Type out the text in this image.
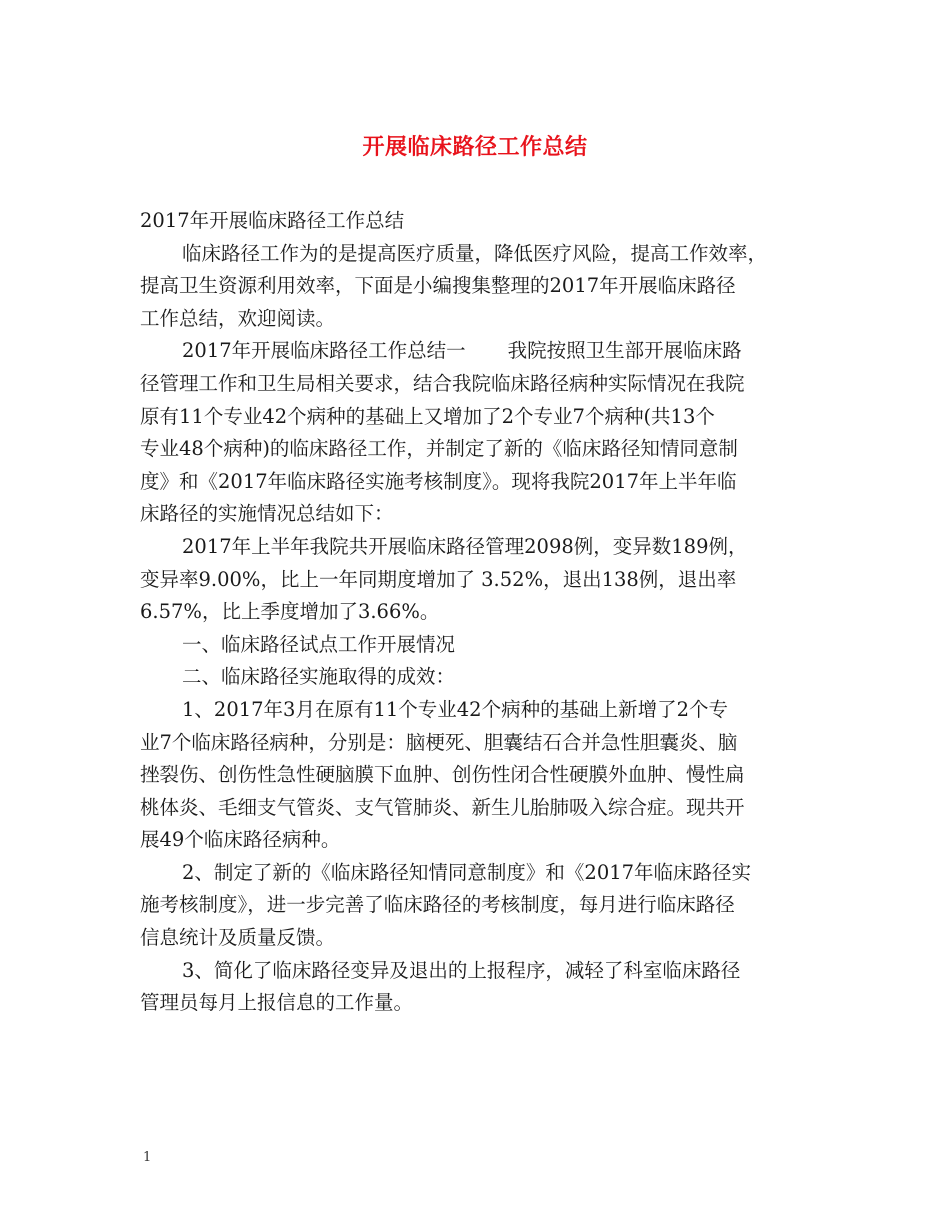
开展临床路径工作总结
2017年开展临床路径工作总结
临床路径工作为的是提高医疗质量，降低医疗风险，提高工作效率，
提高卫生资源利用效率，下面是小编搜集整理的2017年开展临床路径
工作总结，欢迎阅读。
2017年开展临床路径工作总结一 我院按照卫生部开展临床路
径管理工作和卫生局相关要求，结合我院临床路径病种实际情况在我院
原有11个专业42个病种的基础上又增加了2个专业7个病种(共13个
专业48个病种)的临床路径工作，并制定了新的《临床路径知情同意制
度》和《2017年临床路径实施考核制度》。现将我院2017年上半年临
床路径的实施情况总结如下：
2017年上半年我院共开展临床路径管理2098例，变异数189例，
变异率9.00%，比上一年同期度增加了 3.52%，退出138例，退出率
6.57%，比上季度增加了3.66%。
一、临床路径试点工作开展情况
二、临床路径实施取得的成效：
1、2017年3月在原有11个专业42个病种的基础上新增了2个专
业7个临床路径病种，分别是：脑梗死、胆囊结石合并急性胆囊炎、脑
挫裂伤、创伤性急性硬脑膜下血肿、创伤性闭合性硬膜外血肿、慢性扁
桃体炎、毛细支气管炎、支气管肺炎、新生儿胎肺吸入综合症。现共开
展49个临床路径病种。
2、制定了新的《临床路径知情同意制度》和《2017年临床路径实
施考核制度》，进一步完善了临床路径的考核制度，每月进行临床路径
信息统计及质量反馈。
3、简化了临床路径变异及退出的上报程序，减轻了科室临床路径
管理员每月上报信息的工作量。
1
